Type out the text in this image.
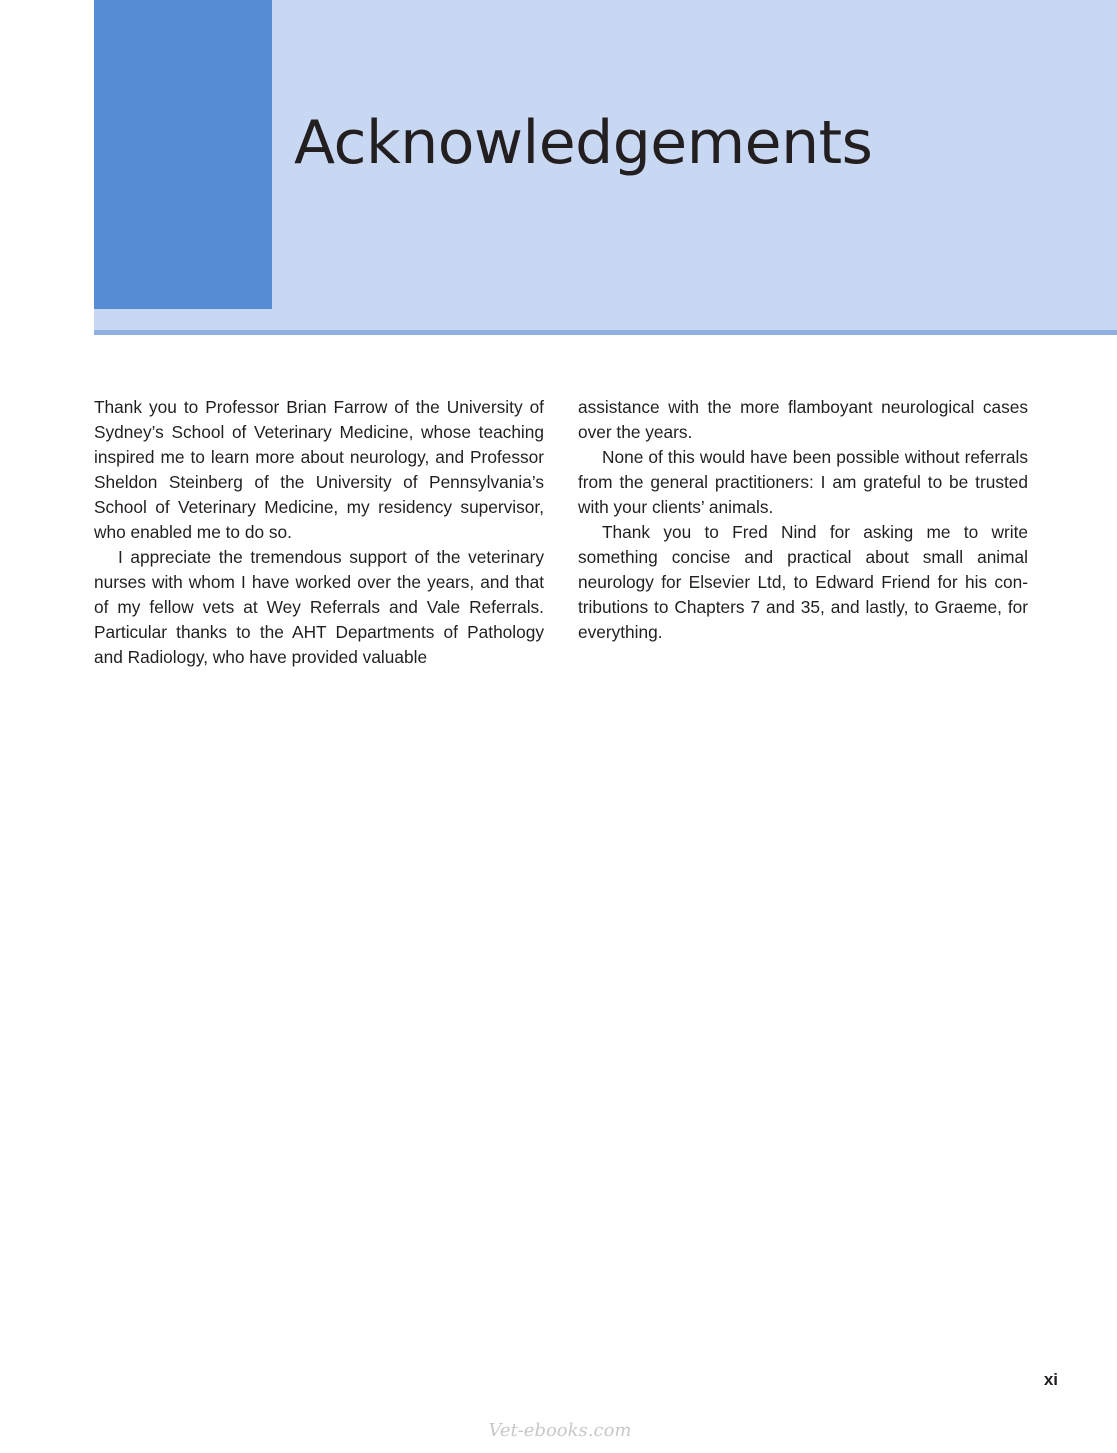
Acknowledgements

Thank you to Professor Brian Farrow of the University of Sydney’s School of Veterinary Medicine, whose teaching inspired me to learn more about neurology, and Professor Sheldon Steinberg of the University of Pennsylvania’s School of Veterinary Medicine, my residency supervisor, who enabled me to do so.

I appreciate the tremendous support of the veterinary nurses with whom I have worked over the years, and that of my fellow vets at Wey Referrals and Vale Referrals. Particular thanks to the AHT Departments of Pathology and Radiology, who have provided valuable

assistance with the more flamboyant neurological cases over the years.

None of this would have been possible without referrals from the general practitioners: I am grateful to be trusted with your clients’ animals.

Thank you to Fred Nind for asking me to write something concise and practical about small animal neurology for Elsevier Ltd, to Edward Friend for his contributions to Chapters 7 and 35, and lastly, to Graeme, for everything.

xi
Vet-ebooks.com
